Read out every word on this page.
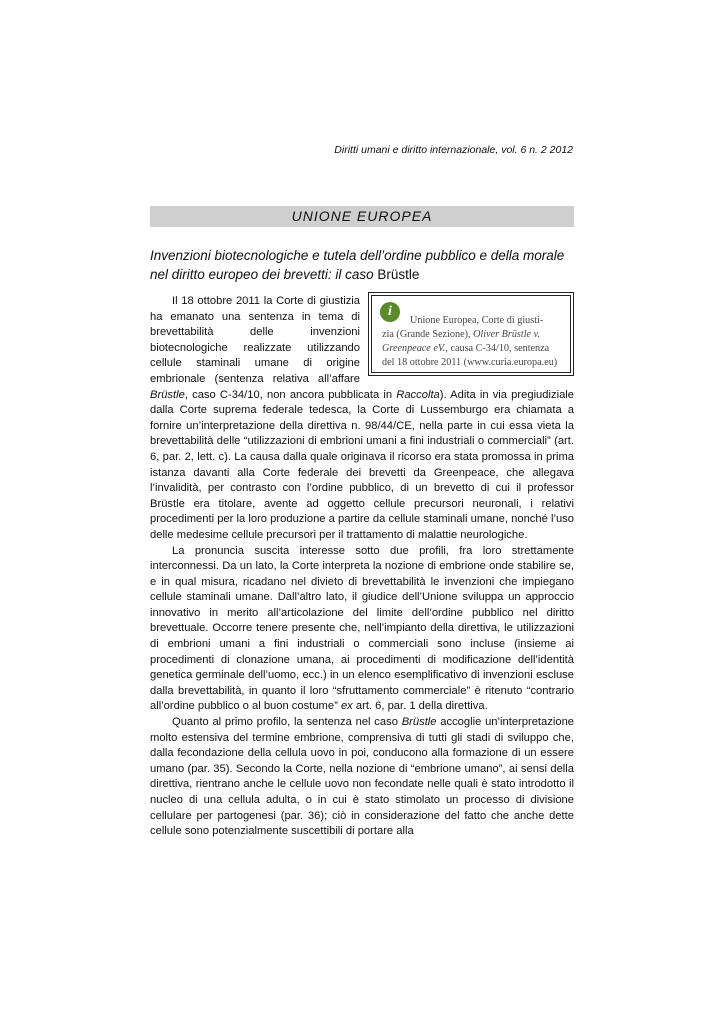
Diritti umani e diritto internazionale, vol. 6 n. 2 2012
UNIONE EUROPEA
Invenzioni biotecnologiche e tutela dell’ordine pubblico e della morale nel diritto europeo dei brevetti: il caso Brüstle
i
Unione Europea, Corte di giusti-
zia (Grande Sezione), Oliver Brüstle v.
Greenpeace eV., causa C-34/10, sentenza
del 18 ottobre 2011 (www.curia.europa.eu)

Il 18 ottobre 2011 la Corte di giustizia ha emanato una sentenza in tema di brevettabilità delle invenzioni biotecnologiche realizzate utilizzando cellule staminali umane di origine embrionale (sentenza relativa all’affare Brüstle, caso C-34/10, non ancora pubblicata in Raccolta). Adita in via pregiudiziale dalla Corte suprema federale tedesca, la Corte di Lussemburgo era chiamata a fornire un’interpretazione della direttiva n. 98/44/CE, nella parte in cui essa vieta la brevettabilità delle “utilizzazioni di embrioni umani a fini industriali o commerciali” (art. 6, par. 2, lett. c). La causa dalla quale originava il ricorso era stata promossa in prima istanza davanti alla Corte federale dei brevetti da Greenpeace, che allegava l’invalidità, per contrasto con l’ordine pubblico, di un brevetto di cui il professor Brüstle era titolare, avente ad oggetto cellule precursori neuronali, i relativi procedimenti per la loro produzione a partire da cellule staminali umane, nonché l’uso delle medesime cellule precursori per il trattamento di malattie neurologiche.

La pronuncia suscita interesse sotto due profili, fra loro strettamente interconnessi. Da un lato, la Corte interpreta la nozione di embrione onde stabilire se, e in qual misura, ricadano nel divieto di brevettabilità le invenzioni che impiegano cellule staminali umane. Dall’altro lato, il giudice dell’Unione sviluppa un approccio innovativo in merito all’articolazione del limite dell’ordine pubblico nel diritto brevettuale. Occorre tenere presente che, nell’impianto della direttiva, le utilizzazioni di embrioni umani a fini industriali o commerciali sono incluse (insieme ai procedimenti di clonazione umana, ai procedimenti di modificazione dell’identità genetica germinale dell’uomo, ecc.) in un elenco esemplificativo di invenzioni escluse dalla brevettabilità, in quanto il loro “sfruttamento commerciale” è ritenuto “contrario all’ordine pubblico o al buon costume” ex art. 6, par. 1 della direttiva.

Quanto al primo profilo, la sentenza nel caso Brüstle accoglie un’interpretazione molto estensiva del termine embrione, comprensiva di tutti gli stadi di sviluppo che, dalla fecondazione della cellula uovo in poi, conducono alla formazione di un essere umano (par. 35). Secondo la Corte, nella nozione di “embrione umano”, ai sensi della direttiva, rientrano anche le cellule uovo non fecondate nelle quali è stato introdotto il nucleo di una cellula adulta, o in cui è stato stimolato un processo di divisione cellulare per partogenesi (par. 36); ciò in considerazione del fatto che anche dette cellule sono potenzialmente suscettibili di portare alla
